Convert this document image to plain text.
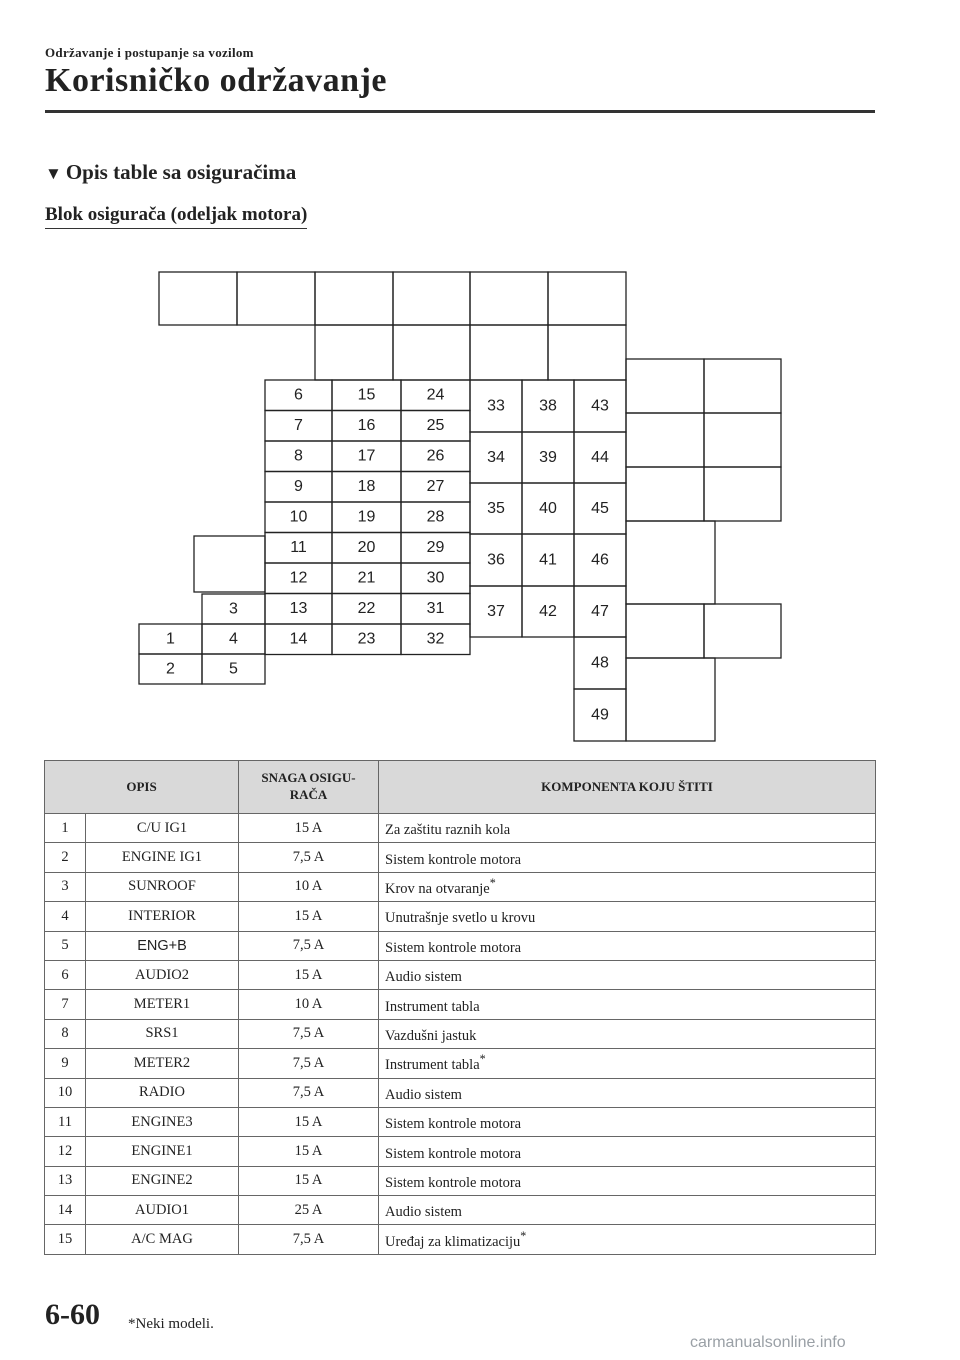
Održavanje i postupanje sa vozilom
Korisničko održavanje
▼ Opis table sa osiguračima
Blok osigurača (odeljak motora)
1
2
3
4
5
6
7
8
9
10
11
12
13
14
15
16
17
18
19
20
21
22
23
24
25
26
27
28
29
30
31
32
33
34
35
36
37
38
39
40
41
42
43
44
45
46
47
48
49
OPIS		SNAGA OSIGU-
RAČA	KOMPONENTA KOJU ŠTITI
1	C/U IG1	15 A	Za zaštitu raznih kola
2	ENGINE IG1	7,5 A	Sistem kontrole motora
3	SUNROOF	10 A	Krov na otvaranje*
4	INTERIOR	15 A	Unutrašnje svetlo u krovu
5	ENG+B	7,5 A	Sistem kontrole motora
6	AUDIO2	15 A	Audio sistem
7	METER1	10 A	Instrument tabla
8	SRS1	7,5 A	Vazdušni jastuk
9	METER2	7,5 A	Instrument tabla*
10	RADIO	7,5 A	Audio sistem
11	ENGINE3	15 A	Sistem kontrole motora
12	ENGINE1	15 A	Sistem kontrole motora
13	ENGINE2	15 A	Sistem kontrole motora
14	AUDIO1	25 A	Audio sistem
15	A/C MAG	7,5 A	Uređaj za klimatizaciju*
6-60 *Neki modeli.
carmanualsonline.info
